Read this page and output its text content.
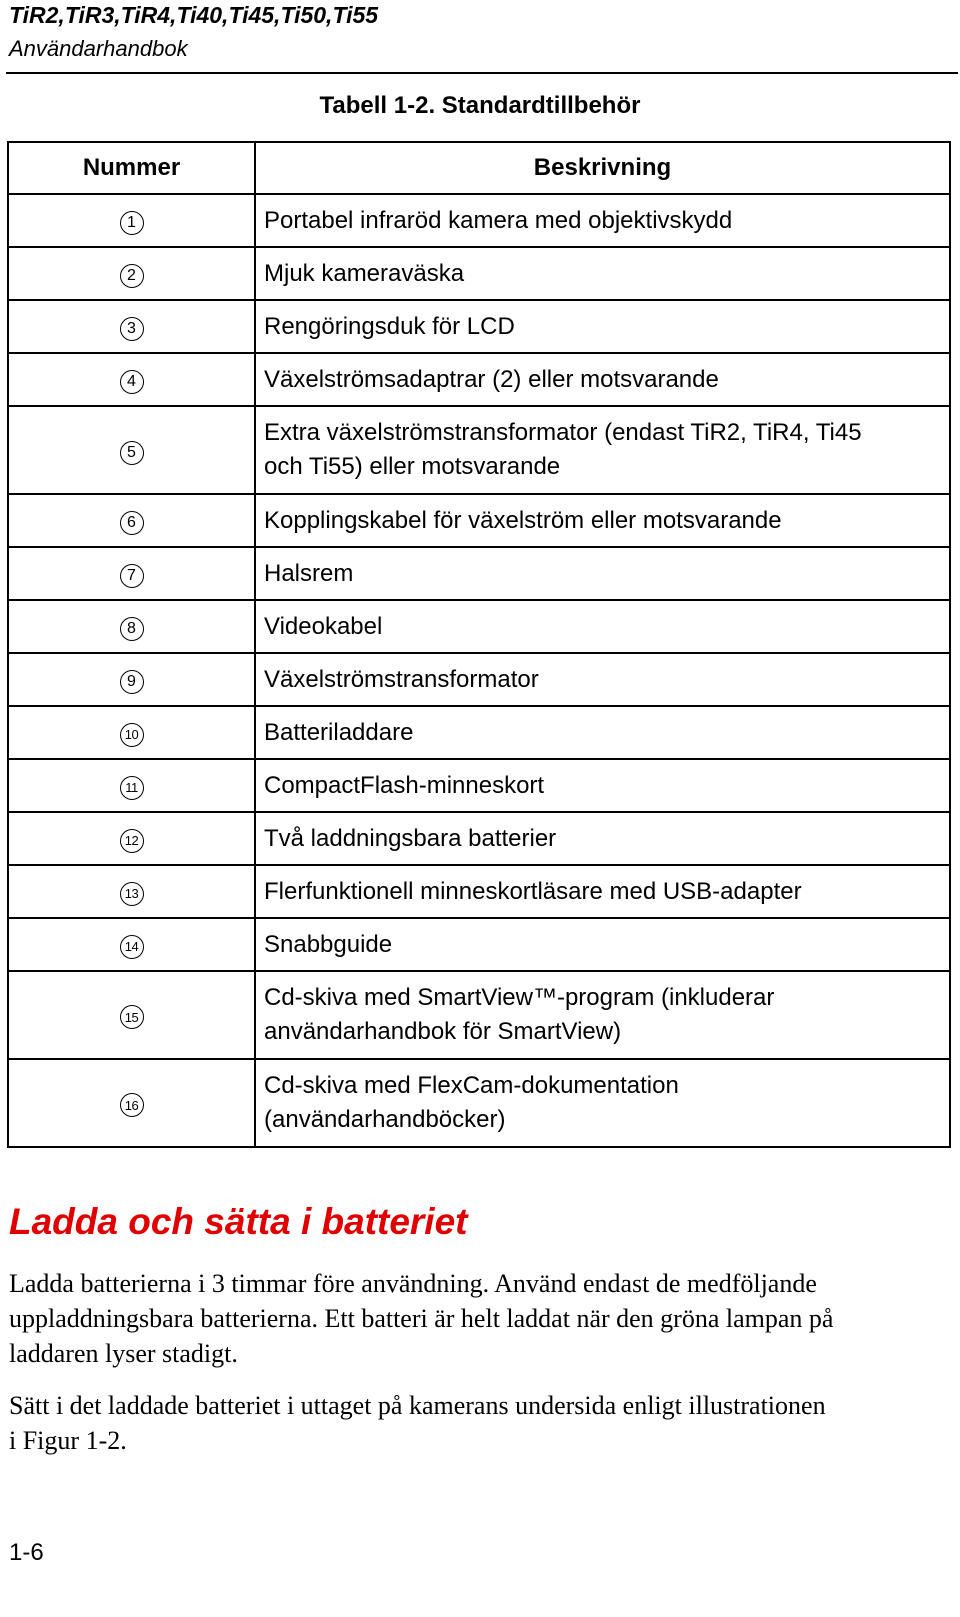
TiR2,TiR3,TiR4,Ti40,Ti45,Ti50,Ti55
Användarhandbok
Tabell 1-2. Standardtillbehör
Nummer	Beskrivning
1	Portabel infraröd kamera med objektivskydd
2	Mjuk kameraväska
3	Rengöringsduk för LCD
4	Växelströmsadaptrar (2) eller motsvarande
5	Extra växelströmstransformator (endast TiR2, TiR4, Ti45
och Ti55) eller motsvarande
6	Kopplingskabel för växelström eller motsvarande
7	Halsrem
8	Videokabel
9	Växelströmstransformator
10	Batteriladdare
11	CompactFlash-minneskort
12	Två laddningsbara batterier
13	Flerfunktionell minneskortläsare med USB-adapter
14	Snabbguide
15	Cd-skiva med SmartView™-program (inkluderar
användarhandbok för SmartView)
16	Cd-skiva med FlexCam-dokumentation
(användarhandböcker)
Ladda och sätta i batteriet

Ladda batterierna i 3 timmar före användning. Använd endast de medföljande
uppladdningsbara batterierna. Ett batteri är helt laddat när den gröna lampan på
laddaren lyser stadigt.

Sätt i det laddade batteriet i uttaget på kamerans undersida enligt illustrationen
i Figur 1-2.

1-6
